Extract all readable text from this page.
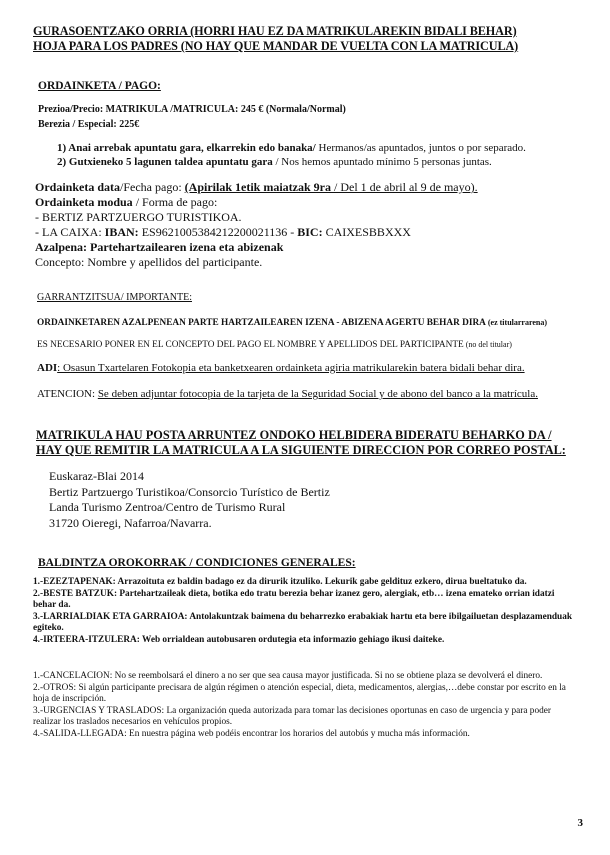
GURASOENTZAKO ORRIA (HORRI HAU EZ DA MATRIKULAREKIN BIDALI BEHAR)
HOJA PARA LOS PADRES (NO HAY QUE MANDAR DE VUELTA CON LA MATRICULA)
ORDAINKETA / PAGO:
Prezioa/Precio: MATRIKULA /MATRICULA: 245 € (Normala/Normal)
Berezia / Especial: 225€
1) Anai arrebak apuntatu gara, elkarrekin edo banaka/ Hermanos/as apuntados, juntos o por separado.
2) Gutxieneko 5 lagunen taldea apuntatu gara / Nos hemos apuntado mínimo 5 personas juntas.
Ordainketa data/Fecha pago: (Apirilak 1etik maiatzak 9ra / Del 1 de abril al 9 de mayo).
Ordainketa modua / Forma de pago:
- BERTIZ PARTZUERGO TURISTIKOA.
- LA CAIXA: IBAN: ES9621005384212200021136 - BIC: CAIXESBBXXX
Azalpena: Partehartzailearen izena eta abizenak
Concepto: Nombre y apellidos del participante.
GARRANTZITSUA/ IMPORTANTE:
ORDAINKETAREN AZALPENEAN PARTE HARTZAILEAREN IZENA - ABIZENA AGERTU BEHAR DIRA (ez titularrarena)
ES NECESARIO PONER EN EL CONCEPTO DEL PAGO EL NOMBRE Y APELLIDOS DEL PARTICIPANTE (no del titular)
ADI: Osasun Txartelaren Fotokopia eta banketxearen ordainketa agiria matrikularekin batera bidali behar dira.
ATENCION: Se deben adjuntar fotocopia de la tarjeta de la Seguridad Social y de abono del banco a la matrícula.
MATRIKULA HAU POSTA ARRUNTEZ ONDOKO HELBIDERA BIDERATU BEHARKO DA /
HAY QUE REMITIR LA MATRICULA A LA SIGUIENTE DIRECCION POR CORREO POSTAL:
Euskaraz-Blai 2014
Bertiz Partzuergo Turistikoa/Consorcio Turístico de Bertiz
Landa Turismo Zentroa/Centro de Turismo Rural
31720 Oieregi, Nafarroa/Navarra.
BALDINTZA OROKORRAK / CONDICIONES GENERALES:
1.-EZEZTAPENAK: Arrazoituta ez baldin badago ez da dirurik itzuliko. Lekurik gabe geldituz ezkero, dirua bueltatuko da.
2.-BESTE BATZUK: Partehartzaileak dieta, botika edo tratu berezia behar izanez gero, alergiak, etb… izena emateko orrian idatzi behar da.
3.-LARRIALDIAK ETA GARRAIOA: Antolakuntzak baimena du beharrezko erabakiak hartu eta bere ibilgailuetan desplazamenduak egiteko.
4.-IRTEERA-ITZULERA: Web orrialdean autobusaren ordutegia eta informazio gehiago ikusi daiteke.
1.-CANCELACION: No se reembolsará el dinero a no ser que sea causa mayor justificada. Si no se obtiene plaza se devolverá el dinero.
2.-OTROS: Si algún participante precisara de algún régimen o atención especial, dieta, medicamentos, alergias,…debe constar por escrito en la hoja de inscripción.
3.-URGENCIAS Y TRASLADOS: La organización queda autorizada para tomar las decisiones oportunas en caso de urgencia y para poder realizar los traslados necesarios en vehículos propios.
4.-SALIDA-LLEGADA: En nuestra página web podéis encontrar los horarios del autobús y mucha más información.
3
